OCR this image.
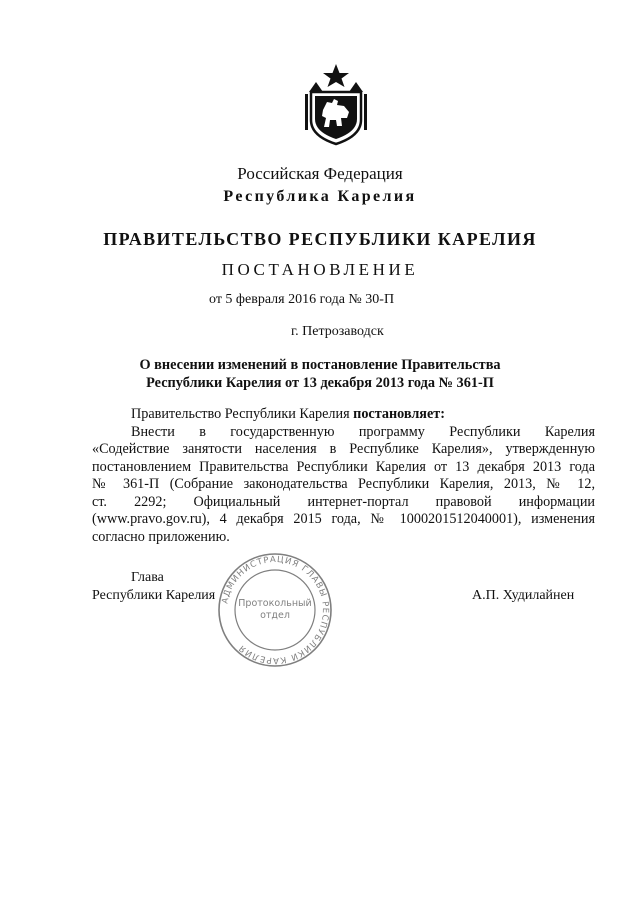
Российская Федерация
Республика Карелия
ПРАВИТЕЛЬСТВО РЕСПУБЛИКИ КАРЕЛИЯ
ПОСТАНОВЛЕНИЕ
от 5 февраля 2016 года № 30-П
г. Петрозаводск
О внесении изменений в постановление Правительства
Республики Карелия от 13 декабря 2013 года № 361-П

Правительство Республики Карелия постановляет:

Внести в государственную программу Республики Карелия

«Содействие занятости населения в Республике Карелия», утвержденную

постановлением Правительства Республики Карелия от 13 декабря 2013 года

№ 361-П (Собрание законодательства Республики Карелия, 2013, № 12,

ст. 2292; Официальный интернет-портал правовой информации

(www.pravo.gov.ru), 4 декабря 2015 года, № 1000201512040001), изменения

согласно приложению.

Глава
Республики Карелия	А.П. Худилайнен
АДМИНИСТРАЦИЯ ГЛАВЫ РЕСПУБЛИКИ КАРЕЛИЯ
Протокольный
отдел
